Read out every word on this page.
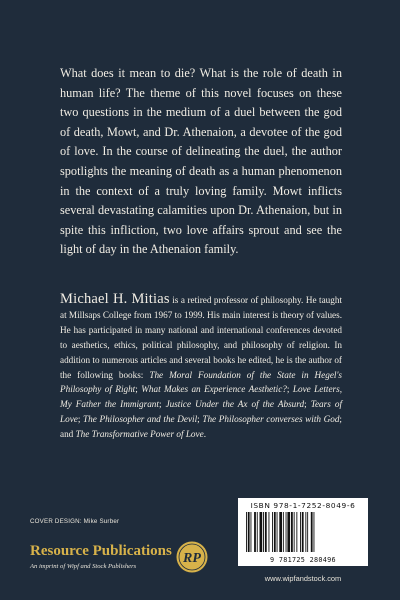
What does it mean to die? What is the role of death in human life? The theme of this novel focuses on these two questions in the medium of a duel between the god of death, Mowt, and Dr. Athenaion, a devotee of the god of love. In the course of delineating the duel, the author spotlights the meaning of death as a human phenomenon in the context of a truly loving family. Mowt inflicts several devastating calamities upon Dr. Athenaion, but in spite this infliction, two love affairs sprout and see the light of day in the Athenaion family.

Michael H. Mitias is a retired professor of philosophy. He taught at Millsaps College from 1967 to 1999. His main interest is theory of values. He has participated in many national and international conferences devoted to aesthetics, ethics, political philosophy, and philosophy of religion. In addition to numerous articles and several books he edited, he is the author of the following books: The Moral Foundation of the State in Hegel's Philosophy of Right; What Makes an Experience Aesthetic?; Love Letters, My Father the Immigrant; Justice Under the Ax of the Absurd; Tears of Love; The Philosopher and the Devil; The Philosopher converses with God; and The Transformative Power of Love.

COVER DESIGN: Mike Surber
Resource Publications
An imprint of Wipf and Stock Publishers
RP
ISBN 978-1-7252-8049-6
9 781725 280496
www.wipfandstock.com
